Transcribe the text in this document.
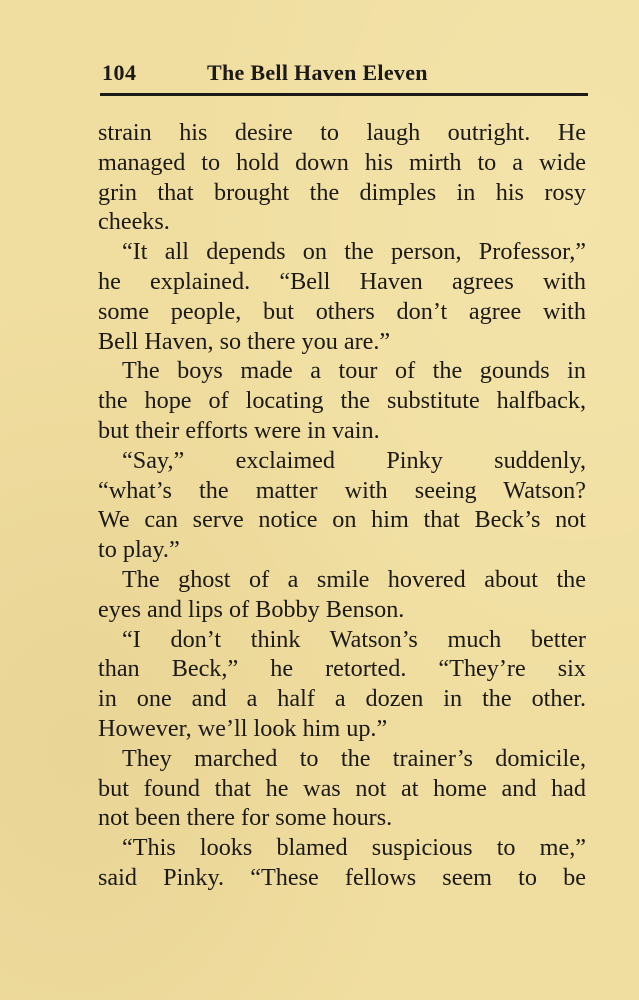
104	The Bell Haven Eleven
strain his desire to laugh outright. He
managed to hold down his mirth to a wide
grin that brought the dimples in his rosy
cheeks.
“It all depends on the person, Professor,”
he explained. “Bell Haven agrees with
some people, but others don’t agree with
Bell Haven, so there you are.”
The boys made a tour of the gounds in
the hope of locating the substitute halfback,
but their efforts were in vain.
“Say,” exclaimed Pinky suddenly,
“what’s the matter with seeing Watson?
We can serve notice on him that Beck’s not
to play.”
The ghost of a smile hovered about the
eyes and lips of Bobby Benson.
“I don’t think Watson’s much better
than Beck,” he retorted. “They’re six
in one and a half a dozen in the other.
However, we’ll look him up.”
They marched to the trainer’s domicile,
but found that he was not at home and had
not been there for some hours.
“This looks blamed suspicious to me,”
said Pinky. “These fellows seem to be
